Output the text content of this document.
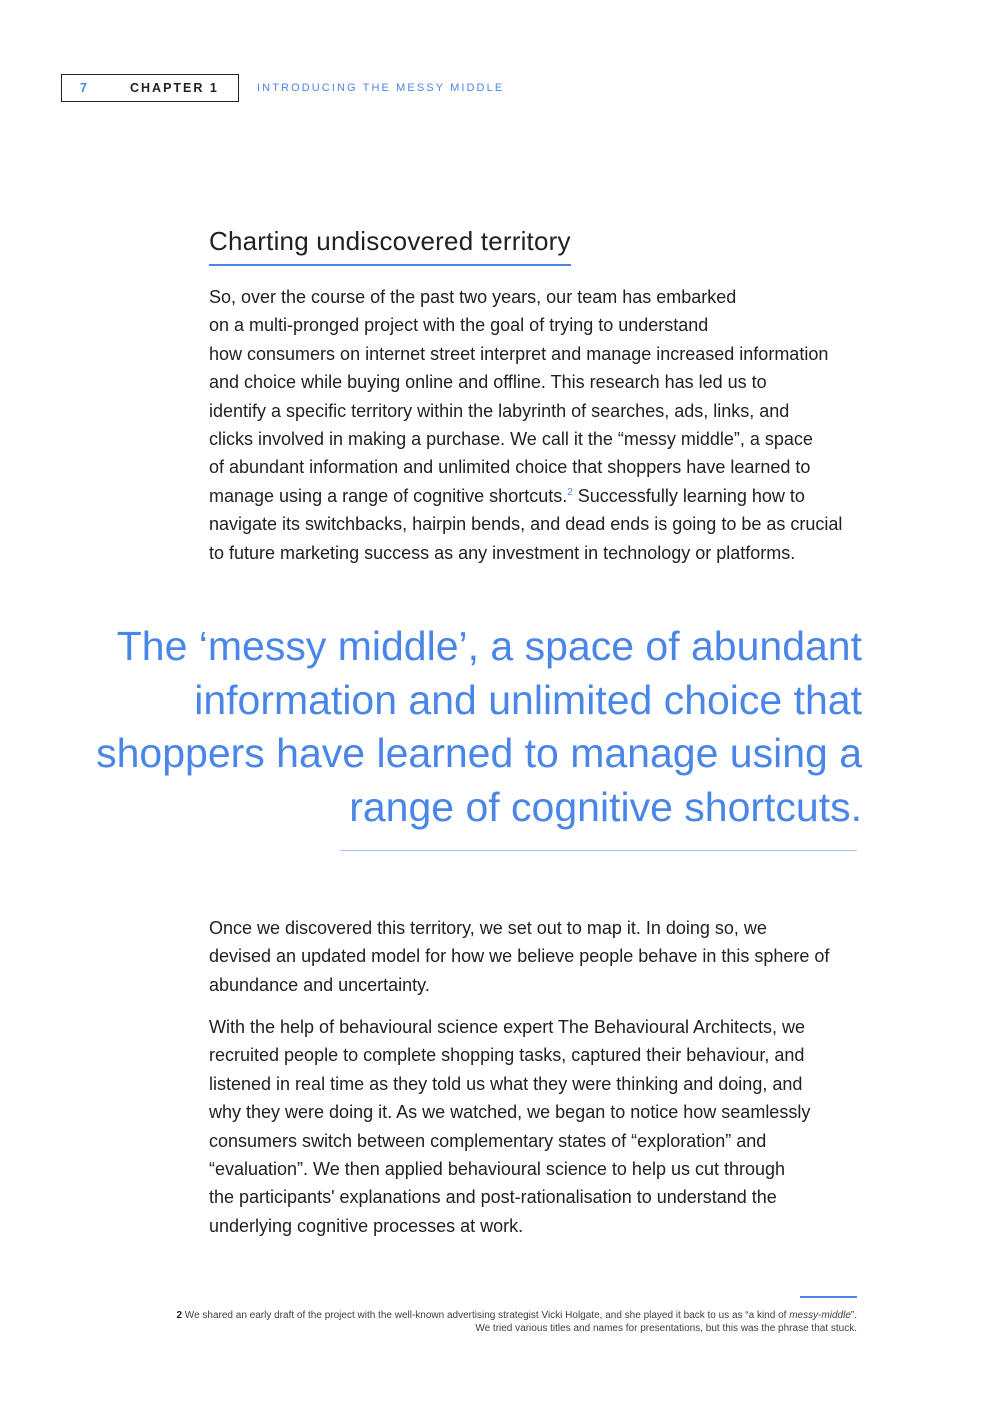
7	CHAPTER 1	INTRODUCING THE MESSY MIDDLE
Charting undiscovered territory

So, over the course of the past two years, our team has embarked
on a multi-pronged project with the goal of trying to understand
how consumers on internet street interpret and manage increased information
and choice while buying online and offline. This research has led us to
identify a specific territory within the labyrinth of searches, ads, links, and
clicks involved in making a purchase. We call it the “messy middle”, a space
of abundant information and unlimited choice that shoppers have learned to
manage using a range of cognitive shortcuts.$^2$ Successfully learning how to
navigate its switchbacks, hairpin bends, and dead ends is going to be as crucial
to future marketing success as any investment in technology or platforms.

The ‘messy middle’, a space of abundant
information and unlimited choice that
shoppers have learned to manage using a
range of cognitive shortcuts.

Once we discovered this territory, we set out to map it. In doing so, we
devised an updated model for how we believe people behave in this sphere of
abundance and uncertainty.

With the help of behavioural science expert The Behavioural Architects, we
recruited people to complete shopping tasks, captured their behaviour, and
listened in real time as they told us what they were thinking and doing, and
why they were doing it. As we watched, we began to notice how seamlessly
consumers switch between complementary states of “exploration” and
“evaluation”. We then applied behavioural science to help us cut through
the participants' explanations and post-rationalisation to understand the
underlying cognitive processes at work.

2 We shared an early draft of the project with the well-known advertising strategist Vicki Holgate, and she played it back to us as “a kind of messy-middle”.
We tried various titles and names for presentations, but this was the phrase that stuck.
